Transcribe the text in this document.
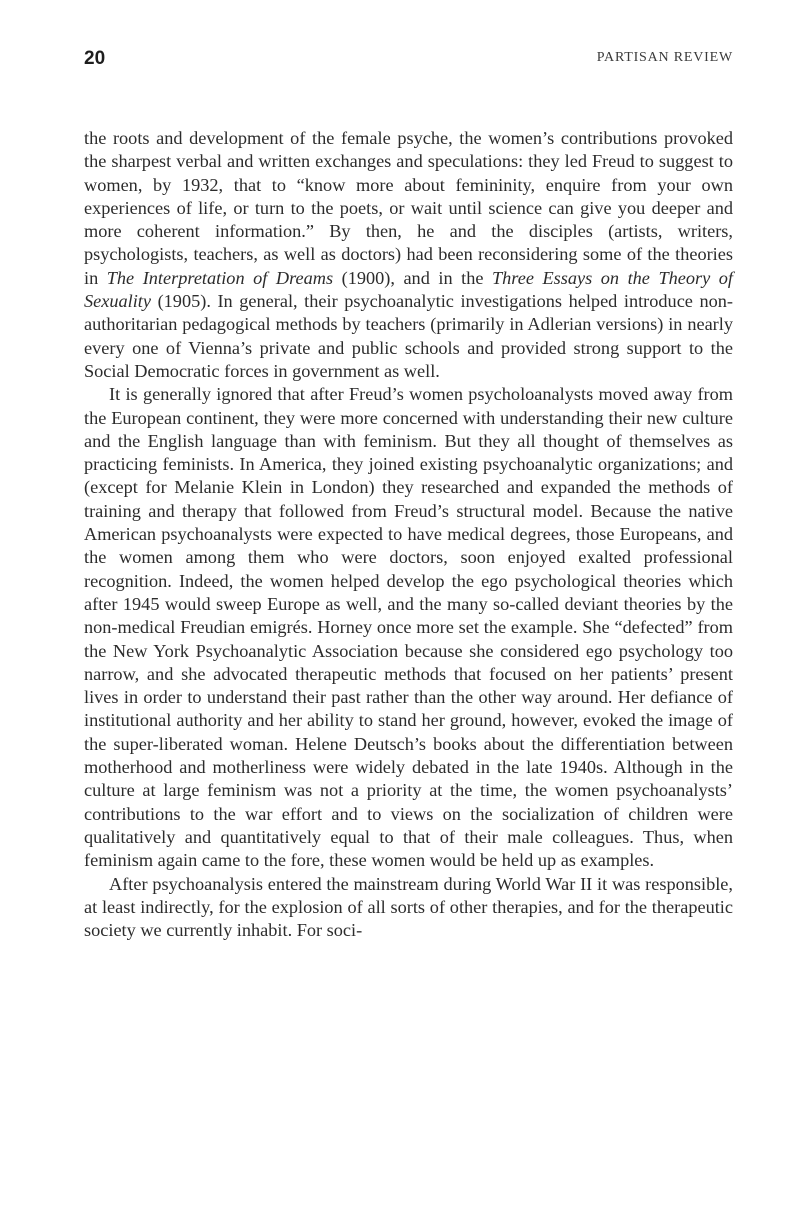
20	PARTISAN REVIEW

the roots and development of the female psyche, the women’s contributions provoked the sharpest verbal and written exchanges and speculations: they led Freud to suggest to women, by 1932, that to “know more about femininity, enquire from your own experiences of life, or turn to the poets, or wait until science can give you deeper and more coherent information.” By then, he and the disciples (artists, writers, psychologists, teachers, as well as doctors) had been reconsidering some of the theories in The Interpretation of Dreams (1900), and in the Three Essays on the Theory of Sexuality (1905). In general, their psychoanalytic investigations helped introduce non-authoritarian pedagogical methods by teachers (primarily in Adlerian versions) in nearly every one of Vienna’s private and public schools and provided strong support to the Social Democratic forces in government as well.

It is generally ignored that after Freud’s women psycholoanalysts moved away from the European continent, they were more concerned with understanding their new culture and the English language than with feminism. But they all thought of themselves as practicing feminists. In America, they joined existing psychoanalytic organizations; and (except for Melanie Klein in London) they researched and expanded the methods of training and therapy that followed from Freud’s structural model. Because the native American psychoanalysts were expected to have medical degrees, those Europeans, and the women among them who were doctors, soon enjoyed exalted professional recognition. Indeed, the women helped develop the ego psychological theories which after 1945 would sweep Europe as well, and the many so-called deviant theories by the non-medical Freudian emigrés. Horney once more set the example. She “defected” from the New York Psychoanalytic Association because she considered ego psychology too narrow, and she advocated therapeutic methods that focused on her patients’ present lives in order to understand their past rather than the other way around. Her defiance of institutional authority and her ability to stand her ground, however, evoked the image of the super-liberated woman. Helene Deutsch’s books about the differentiation between motherhood and motherliness were widely debated in the late 1940s. Although in the culture at large feminism was not a priority at the time, the women psychoanalysts’ contributions to the war effort and to views on the socialization of children were qualitatively and quantitatively equal to that of their male colleagues. Thus, when feminism again came to the fore, these women would be held up as examples.

After psychoanalysis entered the mainstream during World War II it was responsible, at least indirectly, for the explosion of all sorts of other therapies, and for the therapeutic society we currently inhabit. For soci-
